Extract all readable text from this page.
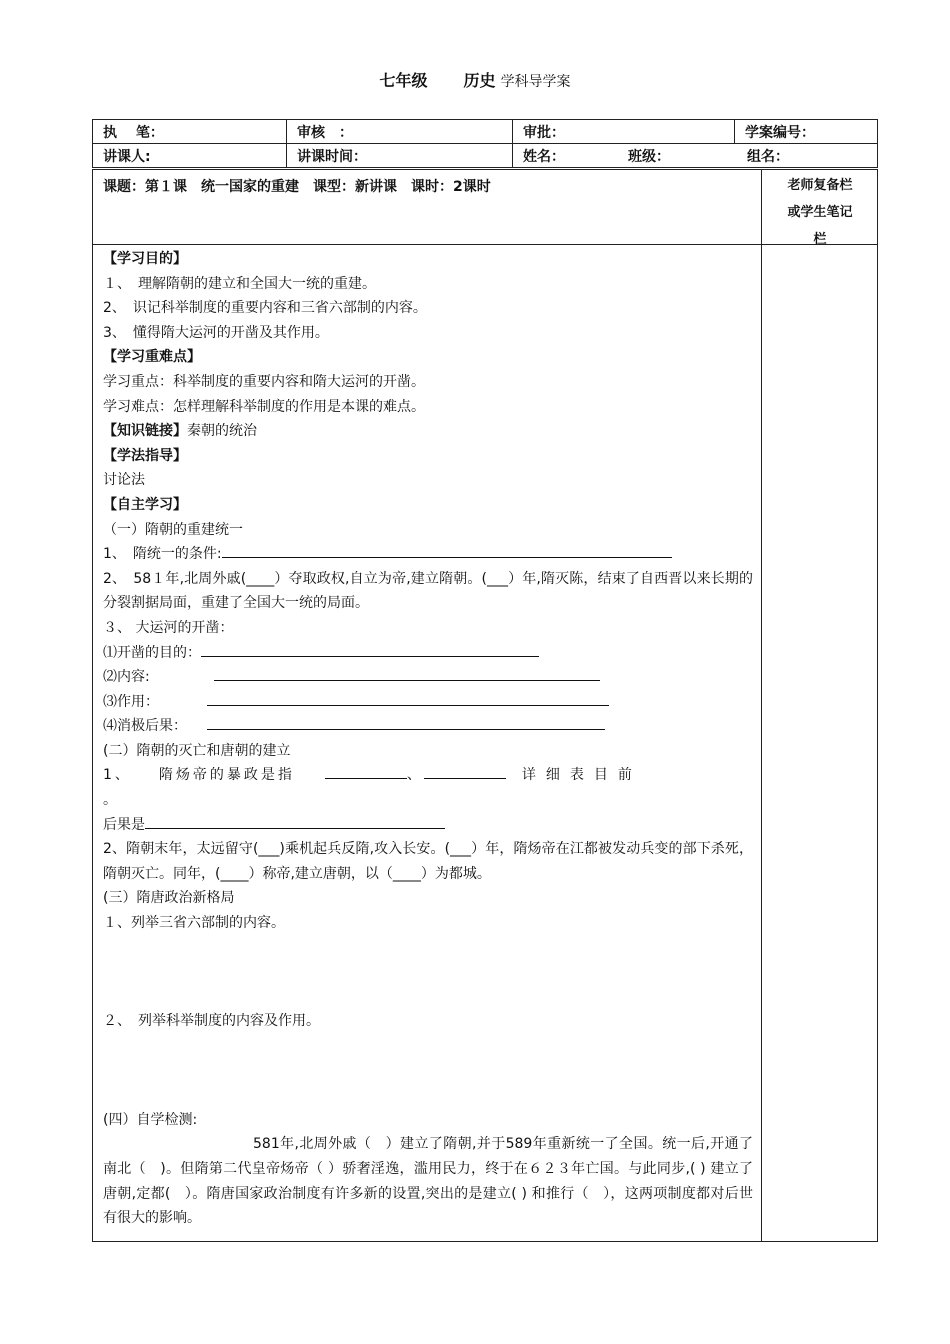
七年级 历史 学科导学案
执　 笔：	审核　：	审批：	学案编号：
讲课人:	讲课时间：	姓名：　　　　　班级：　　　　　　组名：	
课题：第１课　统一国家的重建　课型：新讲课　课时：2课时	老师复备栏
或学生笔记
栏
【学习目的】
１、　理解隋朝的建立和全国大一统的重建。
2、　识记科举制度的重要内容和三省六部制的内容。
3、　懂得隋大运河的开凿及其作用。
【学习重难点】
学习重点：科举制度的重要内容和隋大运河的开凿。
学习难点：怎样理解科举制度的作用是本课的难点。
【知识链接】秦朝的统治
【学法指导】
讨论法
【自主学习】
（一）隋朝的重建统一
1、　隋统一的条件:
2、　58１年,北周外戚(____）夺取政权,自立为帝,建立隋朝。(___）年,隋灭陈，结束了自西晋以来长期的分裂割据局面，重建了全国大一统的局面。
３、 大运河的开凿：
⑴开凿的目的：
⑵内容:
⑶作用：
⑷消极后果：
(二）隋朝的灭亡和唐朝的建立
1、　　隋炀帝的暴政是指	、	详细表目前
。
后果是
2、隋朝末年，太远留守(___)乘机起兵反隋,攻入长安。(___）年，隋炀帝在江都被发动兵变的部下杀死，隋朝灭亡。同年，(____）称帝,建立唐朝，以（____）为都城。
(三）隋唐政治新格局
１、列举三省六部制的内容。
２、　列举科举制度的内容及作用。
(四）自学检测:
581年,北周外戚（　）建立了隋朝,并于589年重新统一了全国。统一后,开通了南北（　)。但隋第二代皇帝炀帝（ ）骄奢淫逸，滥用民力，终于在６２３年亡国。与此同步,( ) 建立了唐朝,定都(　）。隋唐国家政治制度有许多新的设置,突出的是建立( ) 和推行（　），这两项制度都对后世有很大的影响。
